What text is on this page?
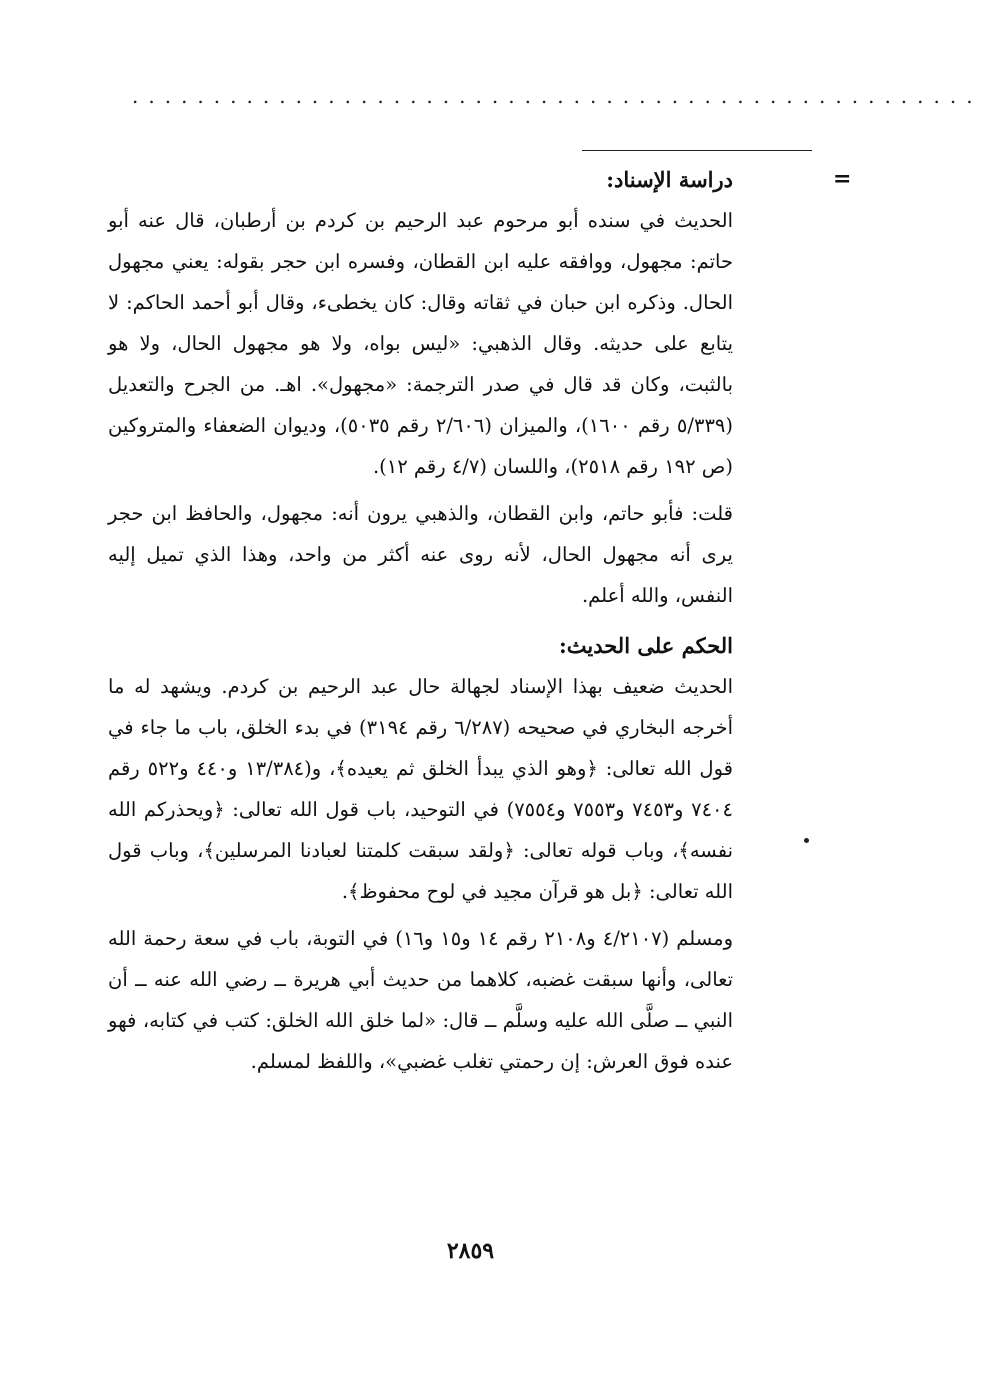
....................................................
=

دراسة الإسناد:

الحديث في سنده أبو مرحوم عبد الرحيم بن كردم بن أرطبان، قال عنه أبو حاتم: مجهول، ووافقه عليه ابن القطان، وفسره ابن حجر بقوله: يعني مجهول الحال. وذكره ابن حبان في ثقاته وقال: كان يخطىء، وقال أبو أحمد الحاكم: لا يتابع على حديثه. وقال الذهبي: «ليس بواه، ولا هو مجهول الحال، ولا هو بالثبت، وكان قد قال في صدر الترجمة: «مجهول». اهـ. من الجرح والتعديل (٥/٣٣٩ رقم ١٦٠٠)، والميزان (٢/٦٠٦ رقم ٥٠٣٥)، وديوان الضعفاء والمتروكين (ص ١٩٢ رقم ٢٥١٨)، واللسان (٤/٧ رقم ١٢).

قلت: فأبو حاتم، وابن القطان، والذهبي يرون أنه: مجهول، والحافظ ابن حجر يرى أنه مجهول الحال، لأنه روى عنه أكثر من واحد، وهذا الذي تميل إليه النفس، والله أعلم.

الحكم على الحديث:

الحديث ضعيف بهذا الإسناد لجهالة حال عبد الرحيم بن كردم. ويشهد له ما أخرجه البخاري في صحيحه (٦/٢٨٧ رقم ٣١٩٤) في بدء الخلق، باب ما جاء في قول الله تعالى: ﴿وهو الذي يبدأ الخلق ثم يعيده﴾، و(١٣/٣٨٤ و٤٤٠ و٥٢٢ رقم ٧٤٠٤ و٧٤٥٣ و٧٥٥٣ و٧٥٥٤) في التوحيد، باب قول الله تعالى: ﴿ويحذركم الله نفسه﴾، وباب قوله تعالى: ﴿ولقد سبقت كلمتنا لعبادنا المرسلين﴾، وباب قول الله تعالى: ﴿بل هو قرآن مجيد في لوح محفوظ﴾.

ومسلم (٤/٢١٠٧ و٢١٠٨ رقم ١٤ و١٥ و١٦) في التوبة، باب في سعة رحمة الله تعالى، وأنها سبقت غضبه، كلاهما من حديث أبي هريرة ــ رضي الله عنه ــ أن النبي ــ صلَّى الله عليه وسلَّم ــ قال: «لما خلق الله الخلق: كتب في كتابه، فهو عنده فوق العرش: إن رحمتي تغلب غضبي»، واللفظ لمسلم.

٢٨٥٩
